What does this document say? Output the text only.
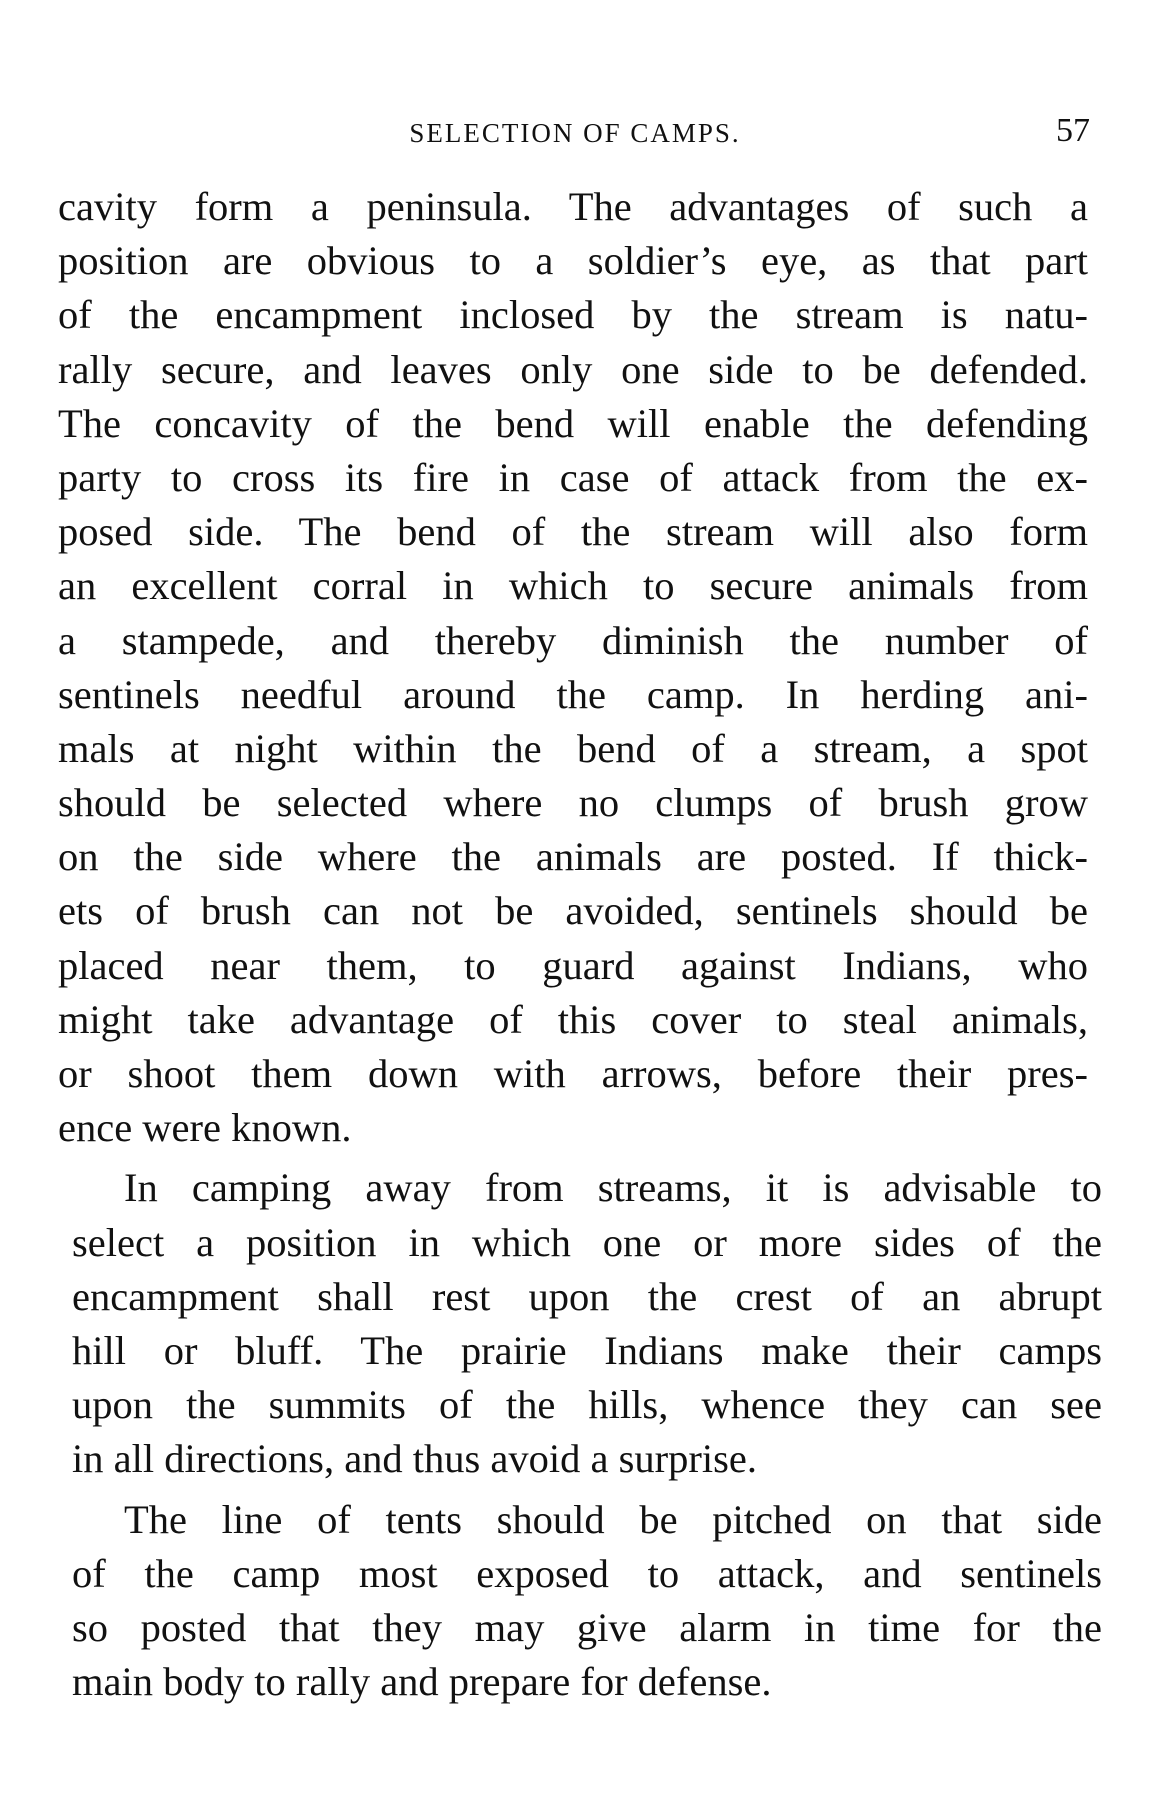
SELECTION OF CAMPS.	57
cavity form a peninsula. The advantages of such a
position are obvious to a soldier’s eye, as that part
of the encampment inclosed by the stream is natu-
rally secure, and leaves only one side to be defended.
The concavity of the bend will enable the defending
party to cross its fire in case of attack from the ex-
posed side. The bend of the stream will also form
an excellent corral in which to secure animals from
a stampede, and thereby diminish the number of
sentinels needful around the camp. In herding ani-
mals at night within the bend of a stream, a spot
should be selected where no clumps of brush grow
on the side where the animals are posted. If thick-
ets of brush can not be avoided, sentinels should be
placed near them, to guard against Indians, who
might take advantage of this cover to steal animals,
or shoot them down with arrows, before their pres-
ence were known.
In camping away from streams, it is advisable to
select a position in which one or more sides of the
encampment shall rest upon the crest of an abrupt
hill or bluff. The prairie Indians make their camps
upon the summits of the hills, whence they can see
in all directions, and thus avoid a surprise.
The line of tents should be pitched on that side
of the camp most exposed to attack, and sentinels
so posted that they may give alarm in time for the
main body to rally and prepare for defense.
